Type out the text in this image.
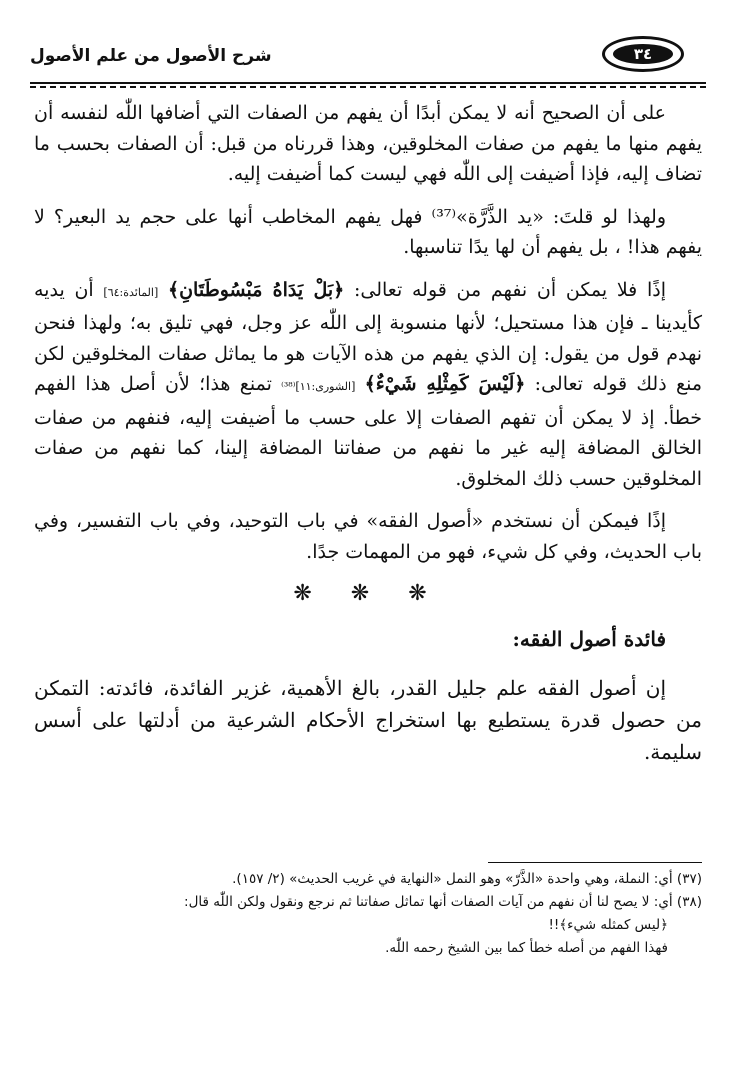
شرح الأصول من علم الأصول	٣٤

على أن الصحيح أنه لا يمكن أبدًا أن يفهم من الصفات التي أضافها اللّٰه لنفسه أن يفهم منها ما يفهم من صفات المخلوقين، وهذا قررناه من قبل: أن الصفات بحسب ما تضاف إليه، فإذا أضيفت إلى اللّٰه فهي ليست كما أضيفت إليه.

ولهذا لو قلتَ: «يد الذَّرَّة»⁽³⁷⁾ فهل يفهم المخاطب أنها على حجم يد البعير؟ لا يفهم هذا! ، بل يفهم أن لها يدًا تناسبها.

إذًا فلا يمكن أن نفهم من قوله تعالى: ﴿بَلْ يَدَاهُ مَبْسُوطَتَانِ﴾ [المائدة:٦٤] أن يديه كأيدينا ـ فإن هذا مستحيل؛ لأنها منسوبة إلى اللّٰه عز وجل، فهي تليق به؛ ولهذا فنحن نهدم قول من يقول: إن الذي يفهم من هذه الآيات هو ما يماثل صفات المخلوقين لكن منع ذلك قوله تعالى: ﴿لَيْسَ كَمِثْلِهِ شَيْءٌ﴾ [الشورى:١١]⁽³⁸⁾ تمنع هذا؛ لأن أصل هذا الفهم خطأ. إذ لا يمكن أن تفهم الصفات إلا على حسب ما أضيفت إليه، فنفهم من صفات الخالق المضافة إليه غير ما نفهم من صفاتنا المضافة إلينا، كما نفهم من صفات المخلوقين حسب ذلك المخلوق.

إذًا فيمكن أن نستخدم «أصول الفقه» في باب التوحيد، وفي باب التفسير، وفي باب الحديث، وفي كل شيء، فهو من المهمات جدًا.

❋ ❋ ❋
فائدة أصول الفقه:

إن أصول الفقه علم جليل القدر، بالغ الأهمية، غزير الفائدة، فائدته: التمكن من حصول قدرة يستطيع بها استخراج الأحكام الشرعية من أدلتها على أسس سليمة.

(٣٧) أي: النملة، وهي واحدة «الذَّرّ» وهو النمل «النهاية في غريب الحديث» (٢/ ١٥٧).

(٣٨) أي: لا يصح لنا أن نفهم من آيات الصفات أنها تماثل صفاتنا ثم نرجع ونقول ولكن اللّٰه قال:

﴿ليس كمثله شيء﴾!!

فهذا الفهم من أصله خطأ كما بين الشيخ رحمه اللّٰه.
